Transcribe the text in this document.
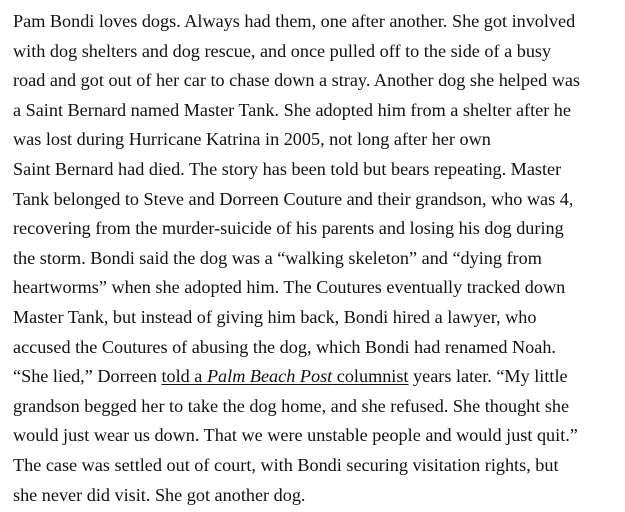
Pam Bondi loves dogs. Always had them, one after another. She got involved
with dog shelters and dog rescue, and once pulled off to the side of a busy
road and got out of her car to chase down a stray. Another dog she helped was
a Saint Bernard named Master Tank. She adopted him from a shelter after he
was lost during Hurricane Katrina in 2005, not long after her own
Saint Bernard had died. The story has been told but bears repeating. Master
Tank belonged to Steve and Dorreen Couture and their grandson, who was 4,
recovering from the murder-suicide of his parents and losing his dog during
the storm. Bondi said the dog was a “walking skeleton” and “dying from
heartworms” when she adopted him. The Coutures eventually tracked down
Master Tank, but instead of giving him back, Bondi hired a lawyer, who
accused the Coutures of abusing the dog, which Bondi had renamed Noah.
“She lied,” Dorreen told a Palm Beach Post columnist years later. “My little
grandson begged her to take the dog home, and she refused. She thought she
would just wear us down. That we were unstable people and would just quit.”
The case was settled out of court, with Bondi securing visitation rights, but
she never did visit. She got another dog.
